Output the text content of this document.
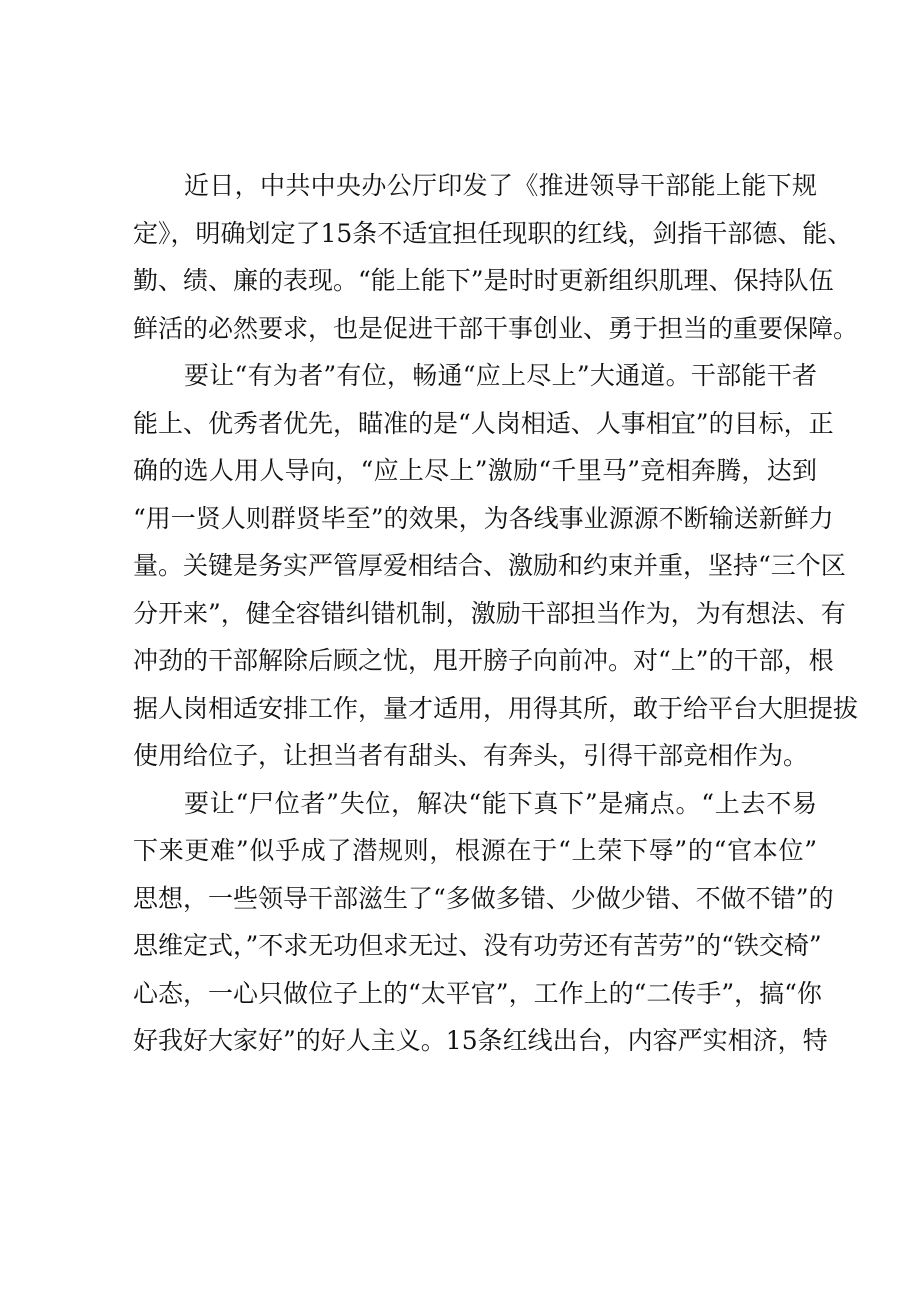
近日，中共中央办公厅印发了《推进领导干部能上能下规
定》，明确划定了15条不适宜担任现职的红线，剑指干部德、能、
勤、绩、廉的表现。“能上能下”是时时更新组织肌理、保持队伍
鲜活的必然要求，也是促进干部干事创业、勇于担当的重要保障。
要让“有为者”有位，畅通“应上尽上”大通道。干部能干者
能上、优秀者优先，瞄准的是“人岗相适、人事相宜”的目标，正
确的选人用人导向，“应上尽上”激励“千里马”竞相奔腾，达到
“用一贤人则群贤毕至”的效果，为各线事业源源不断输送新鲜力
量。关键是务实严管厚爱相结合、激励和约束并重，坚持“三个区
分开来”，健全容错纠错机制，激励干部担当作为，为有想法、有
冲劲的干部解除后顾之忧，甩开膀子向前冲。对“上”的干部，根
据人岗相适安排工作，量才适用，用得其所，敢于给平台大胆提拔
使用给位子，让担当者有甜头、有奔头，引得干部竞相作为。
要让“尸位者”失位，解决“能下真下”是痛点。“上去不易
下来更难”似乎成了潜规则，根源在于“上荣下辱”的“官本位”
思想，一些领导干部滋生了“多做多错、少做少错、不做不错”的
思维定式，”不求无功但求无过、没有功劳还有苦劳”的“铁交椅”
心态，一心只做位子上的“太平官”，工作上的“二传手”，搞“你
好我好大家好”的好人主义。15条红线出台，内容严实相济，特
